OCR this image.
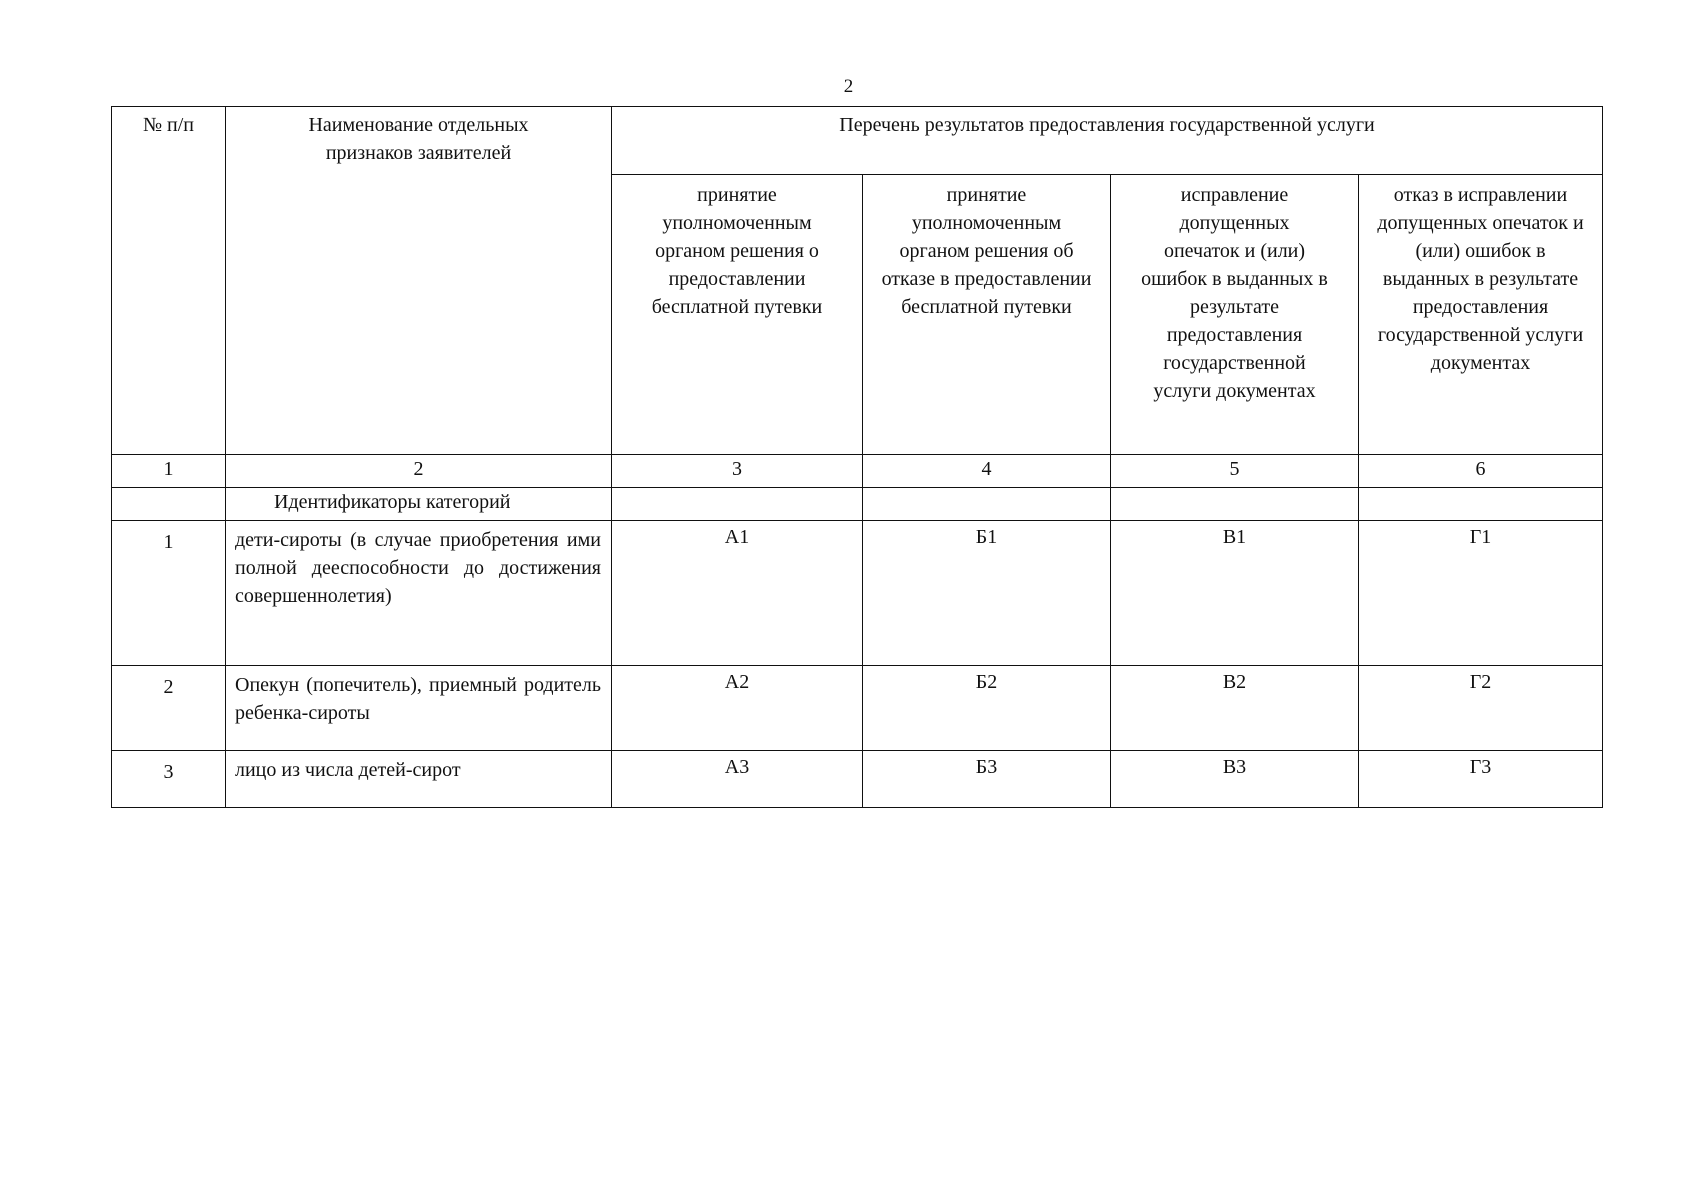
2
№ п/п	Наименование отдельных признаков заявителей	Перечень результатов предоставления государственной услуги			

		принятие уполномоченным органом решения о предоставлении бесплатной путевки	принятие уполномоченным органом решения об отказе в предоставлении бесплатной путевки	исправление допущенных опечаток и (или) ошибок в выданных в результате предоставления государственной услуги документах	отказ в исправлении допущенных опечаток и (или) ошибок в выданных в результате предоставления государственной услуги документах

1	2	3	4	5	6
	Идентификаторы категорий				
1	дети-сироты (в случае приобретения ими полной дееспособности до достижения совершеннолетия)	А1	Б1	В1	Г1
2	Опекун (попечитель), приемный родитель ребенка-сироты	А2	Б2	В2	Г2
3	лицо из числа детей-сирот	А3	Б3	В3	Г3
